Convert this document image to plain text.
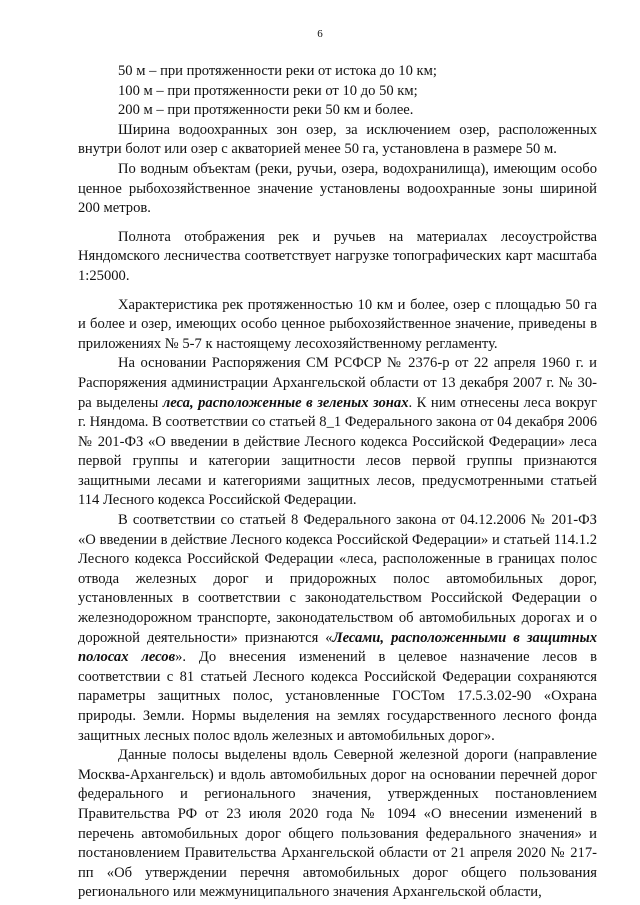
6

50 м – при протяженности реки от истока до 10 км;

100 м – при протяженности реки от 10 до 50 км;

200 м – при протяженности реки 50 км и более.

Ширина водоохранных зон озер, за исключением озер, расположенных внутри болот или озер с акваторией менее 50 га, установлена в размере 50 м.

По водным объектам (реки, ручьи, озера, водохранилища), имеющим особо ценное рыбохозяйственное значение установлены водоохранные зоны шириной 200 метров.

Полнота отображения рек и ручьев на материалах лесоустройства Няндомского лесничества соответствует нагрузке топографических карт масштаба 1:25000.

Характеристика рек протяженностью 10 км и более, озер с площадью 50 га и более и озер, имеющих особо ценное рыбохозяйственное значение, приведены в приложениях № 5-7 к настоящему лесохозяйственному регламенту.

На основании Распоряжения СМ РСФСР № 2376-р от 22 апреля 1960 г. и Распоряжения администрации Архангельской области от 13 декабря 2007 г. № 30-ра выделены леса, расположенные в зеленых зонах. К ним отнесены леса вокруг г. Няндома. В соответствии со статьей 8_1 Федерального закона от 04 декабря 2006 № 201-ФЗ «О введении в действие Лесного кодекса Российской Федерации» леса первой группы и категории защитности лесов первой группы признаются защитными лесами и категориями защитных лесов, предусмотренными статьей 114 Лесного кодекса Российской Федерации.

В соответствии со статьей 8 Федерального закона от 04.12.2006 № 201-ФЗ «О введении в действие Лесного кодекса Российской Федерации» и статьей 114.1.2 Лесного кодекса Российской Федерации «леса, расположенные в границах полос отвода железных дорог и придорожных полос автомобильных дорог, установленных в соответствии с законодательством Российской Федерации о железнодорожном транспорте, законодательством об автомобильных дорогах и о дорожной деятельности» признаются «Лесами, расположенными в защитных полосах лесов». До внесения изменений в целевое назначение лесов в соответствии с 81 статьей Лесного кодекса Российской Федерации сохраняются параметры защитных полос, установленные ГОСТом 17.5.3.02-90 «Охрана природы. Земли. Нормы выделения на землях государственного лесного фонда защитных лесных полос вдоль железных и автомобильных дорог».

Данные полосы выделены вдоль Северной железной дороги (направление Москва-Архангельск) и вдоль автомобильных дорог на основании перечней дорог федерального и регионального значения, утвержденных постановлением Правительства РФ от 23 июля 2020 года № 1094 «О внесении изменений в перечень автомобильных дорог общего пользования федерального значения» и постановлением Правительства Архангельской области от 21 апреля 2020 № 217-пп «Об утверждении перечня автомобильных дорог общего пользования регионального или межмуниципального значения Архангельской области,
